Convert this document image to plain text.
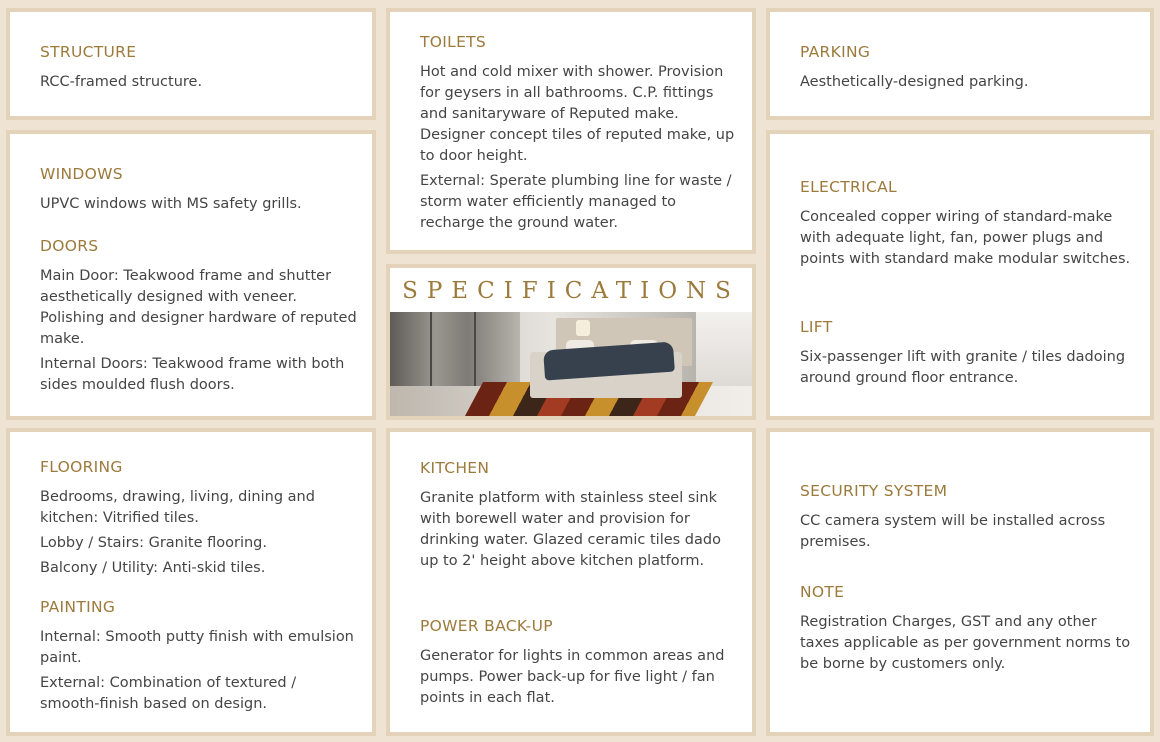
STRUCTURE
RCC-framed structure.
WINDOWS
UPVC windows with MS safety grills.
DOORS
Main Door: Teakwood frame and shutter aesthetically designed with veneer. Polishing and designer hardware of reputed make.
Internal Doors: Teakwood frame with both sides moulded flush doors.
FLOORING
Bedrooms, drawing, living, dining and kitchen: Vitrified tiles.
Lobby / Stairs: Granite flooring.
Balcony / Utility: Anti-skid tiles.
PAINTING
Internal: Smooth putty finish with emulsion paint.
External: Combination of textured / smooth-finish based on design.
TOILETS
Hot and cold mixer with shower. Provision for geysers in all bathrooms. C.P. fittings and sanitaryware of Reputed make. Designer concept tiles of reputed make, up to door height.
External: Sperate plumbing line for waste / storm water efficiently managed to recharge the ground water.
SPECIFICATIONS
KITCHEN
Granite platform with stainless steel sink with borewell water and provision for drinking water. Glazed ceramic tiles dado up to 2' height above kitchen platform.
POWER BACK-UP
Generator for lights in common areas and pumps. Power back-up for five light / fan points in each flat.
PARKING
Aesthetically-designed parking.
ELECTRICAL
Concealed copper wiring of standard-make with adequate light, fan, power plugs and points with standard make modular switches.
LIFT
Six-passenger lift with granite / tiles dadoing around ground floor entrance.
SECURITY SYSTEM
CC camera system will be installed across premises.
NOTE
Registration Charges, GST and any other taxes applicable as per government norms to be borne by customers only.
